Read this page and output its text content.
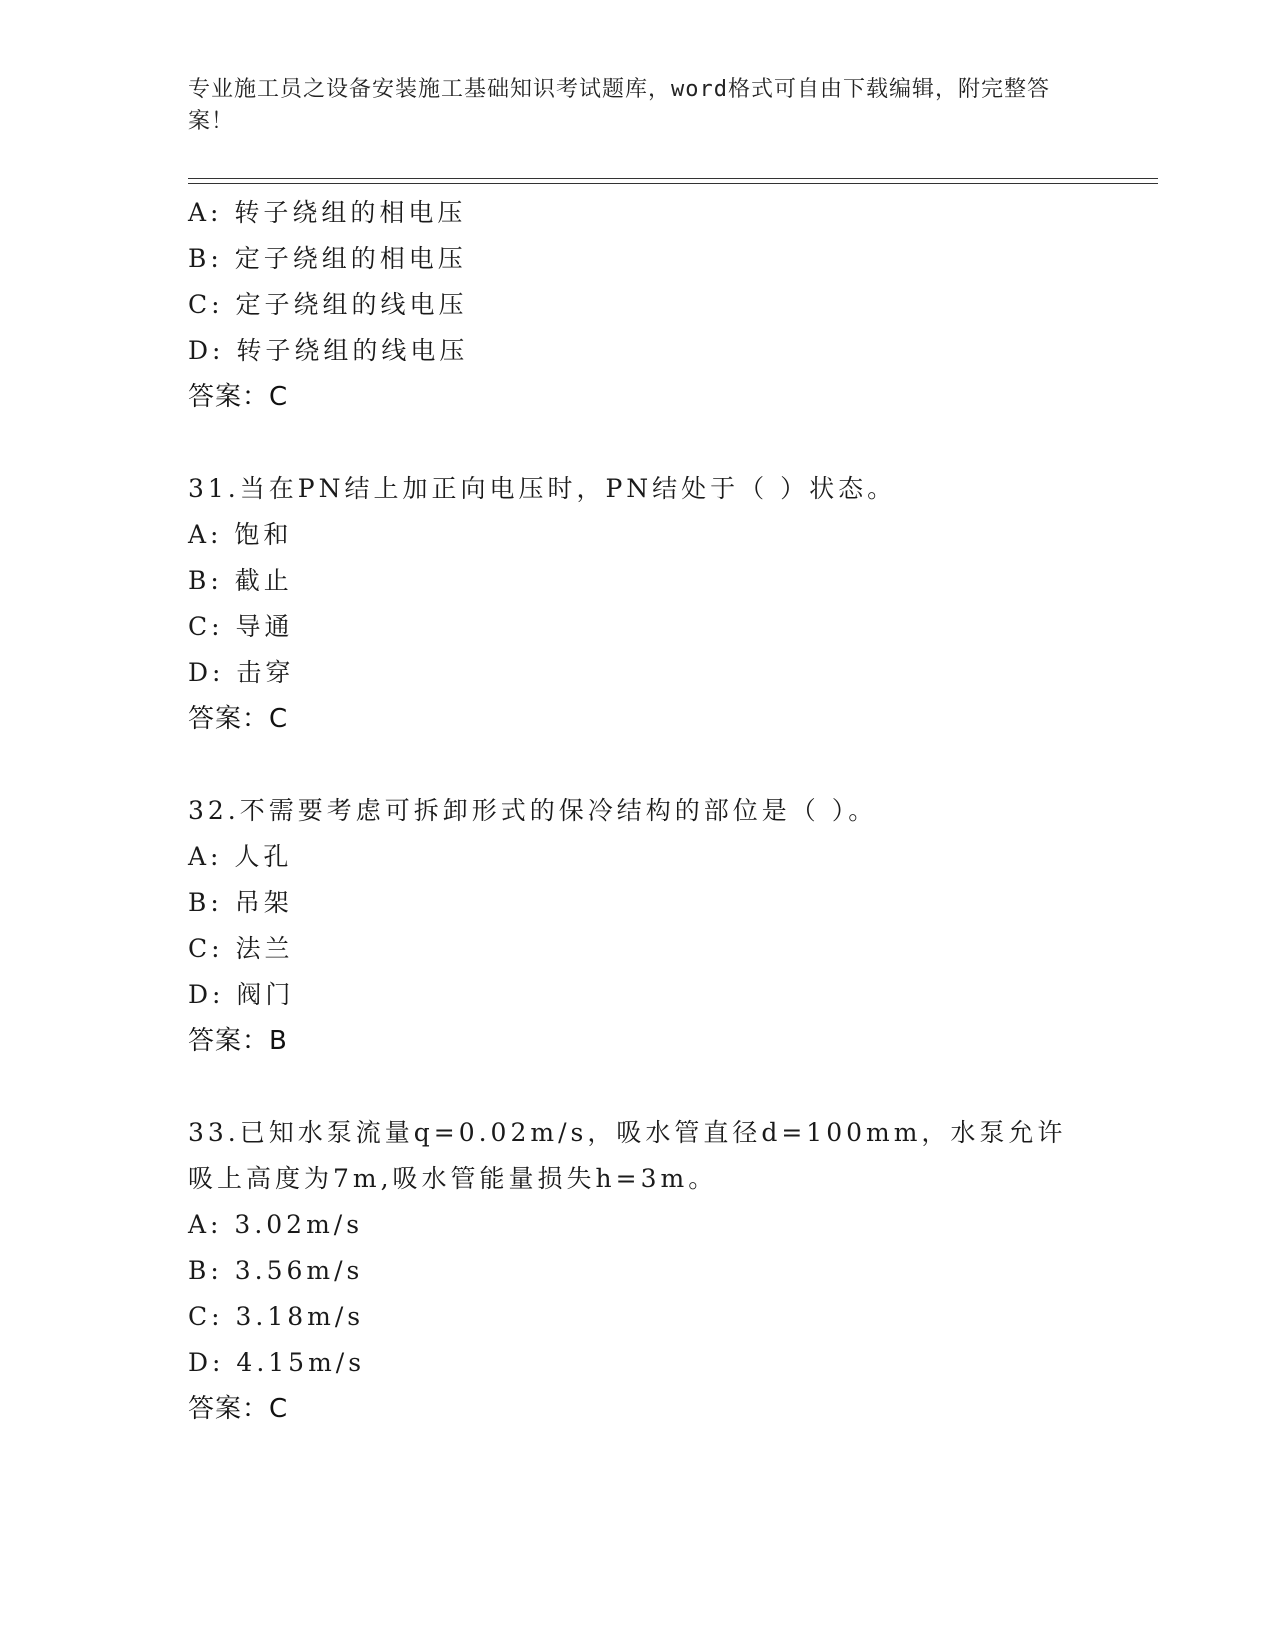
专业施工员之设备安装施工基础知识考试题库，word格式可自由下载编辑，附完整答案！
A: 转子绕组的相电压
B: 定子绕组的相电压
C: 定子绕组的线电压
D: 转子绕组的线电压
答案：C
31.当在PN结上加正向电压时，PN结处于（ ）状态。
A: 饱和
B: 截止
C: 导通
D: 击穿
答案：C
32.不需要考虑可拆卸形式的保冷结构的部位是（ ）。
A: 人孔
B: 吊架
C: 法兰
D: 阀门
答案：B
33.已知水泵流量q=0.02m/s，吸水管直径d=100mm，水泵允许吸上高度为7m,吸水管能量损失h=3m。
A: 3.02m/s
B: 3.56m/s
C: 3.18m/s
D: 4.15m/s
答案：C
